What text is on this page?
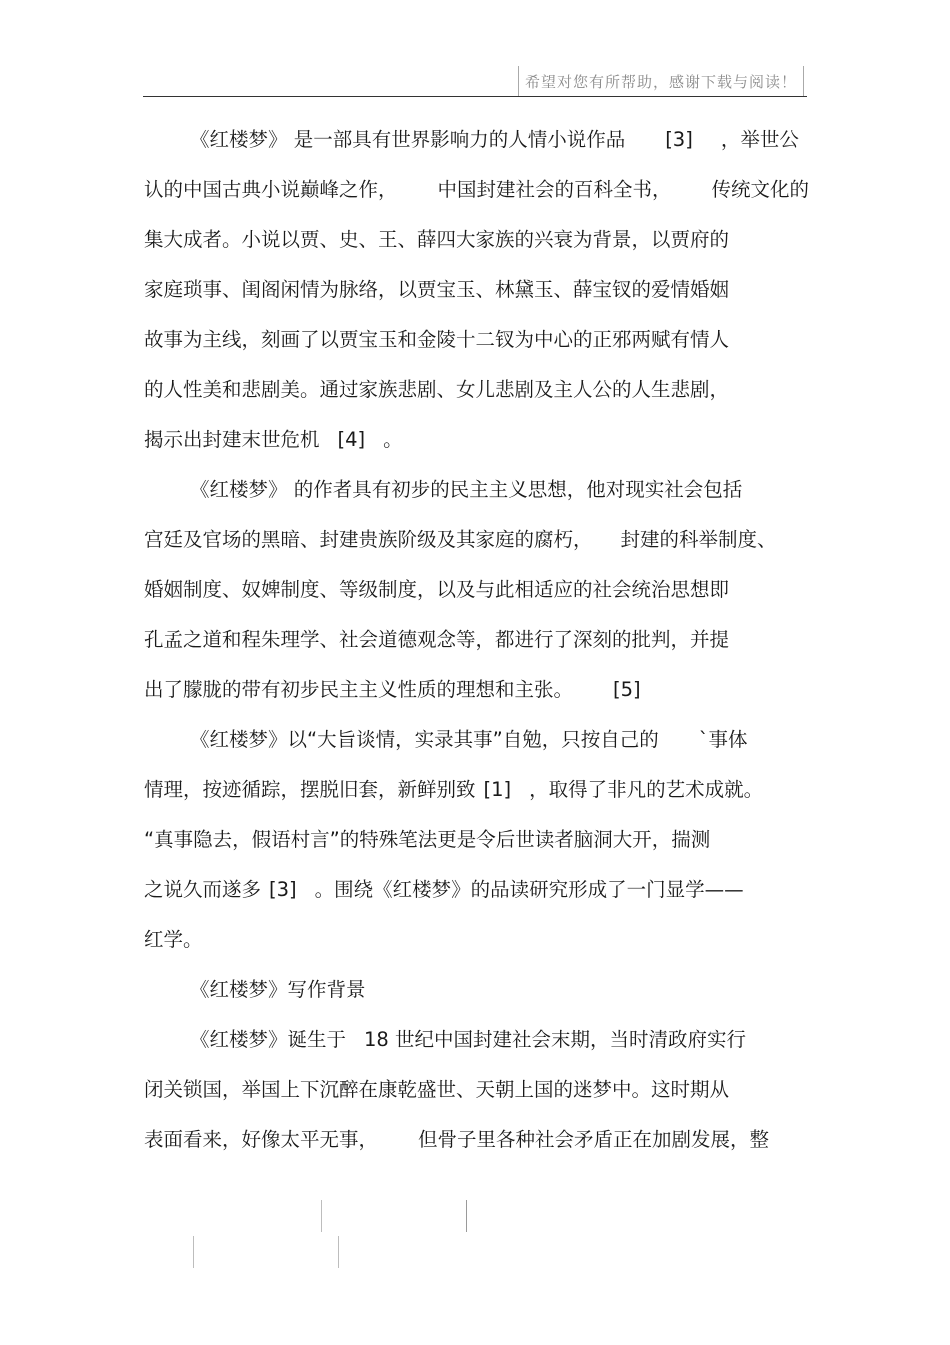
希望对您有所帮助，感谢下载与阅读！
《红楼梦》 是一部具有世界影响力的人情小说作品 [3] ，举世公
认的中国古典小说巅峰之作， 中国封建社会的百科全书， 传统文化的
集大成者。小说以贾、史、王、薛四大家族的兴衰为背景，以贾府的
家庭琐事、闺阁闲情为脉络，以贾宝玉、林黛玉、薛宝钗的爱情婚姻
故事为主线，刻画了以贾宝玉和金陵十二钗为中心的正邪两赋有情人
的人性美和悲剧美。通过家族悲剧、女儿悲剧及主人公的人生悲剧，
揭示出封建末世危机 [4] 。
《红楼梦》 的作者具有初步的民主主义思想，他对现实社会包括
宫廷及官场的黑暗、封建贵族阶级及其家庭的腐朽， 封建的科举制度、
婚姻制度、奴婢制度、等级制度，以及与此相适应的社会统治思想即
孔孟之道和程朱理学、社会道德观念等，都进行了深刻的批判，并提
出了朦胧的带有初步民主主义性质的理想和主张。 [5]
《红楼梦》以“大旨谈情，实录其事”自勉，只按自己的 `事体
情理，按迹循踪，摆脱旧套，新鲜别致 [1] ，取得了非凡的艺术成就。
“真事隐去，假语村言”的特殊笔法更是令后世读者脑洞大开，揣测
之说久而遂多 [3] 。围绕《红楼梦》的品读研究形成了一门显学——
红学。
《红楼梦》写作背景
《红楼梦》诞生于 18 世纪中国封建社会末期，当时清政府实行
闭关锁国，举国上下沉醉在康乾盛世、天朝上国的迷梦中。这时期从
表面看来，好像太平无事， 但骨子里各种社会矛盾正在加剧发展，整
